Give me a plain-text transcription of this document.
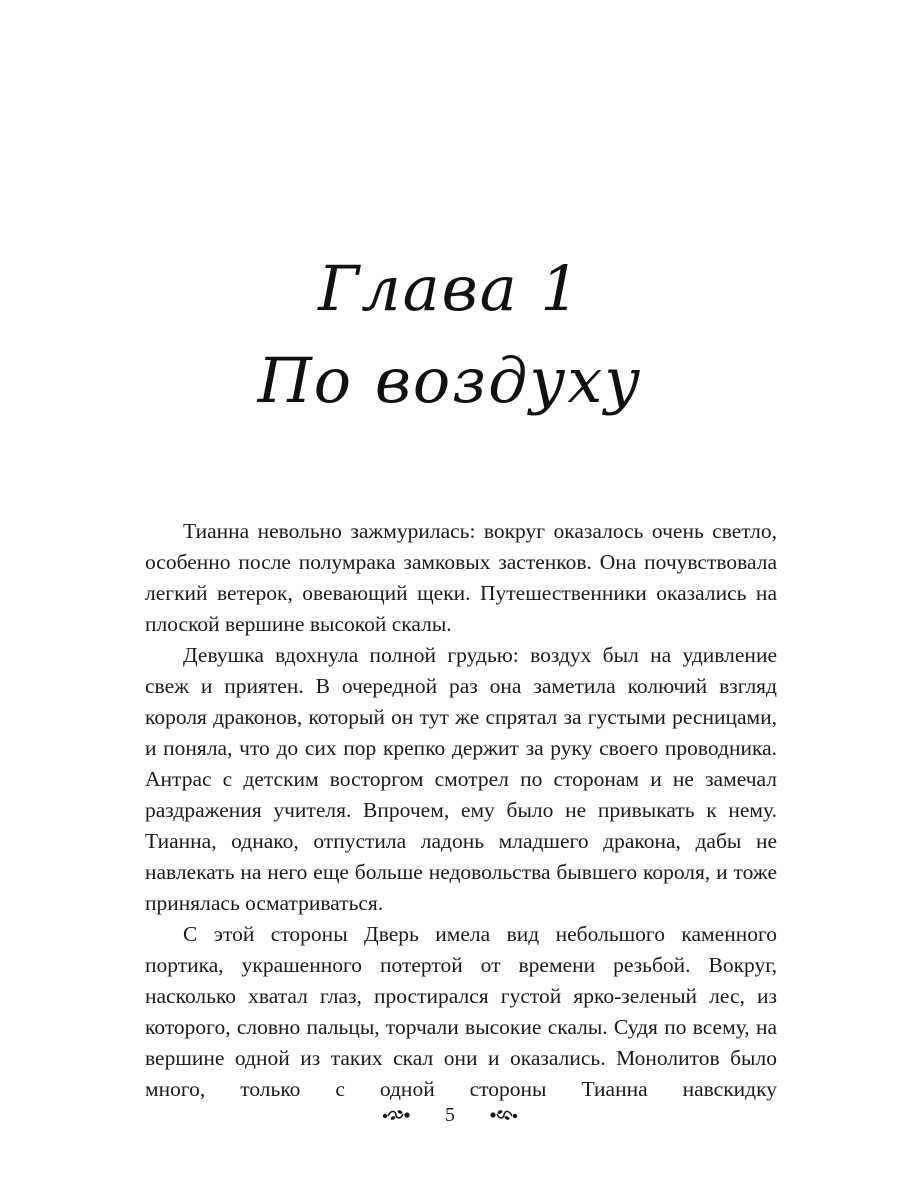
Глава 1
По воздуху

Тианна невольно зажмурилась: вокруг оказалось очень светло, особенно после полумрака замковых застенков. Она почувствовала легкий ветерок, овевающий щеки. Путешественники оказались на плоской вершине высокой скалы.

Девушка вдохнула полной грудью: воздух был на удивление свеж и приятен. В очередной раз она заметила колючий взгляд короля драконов, который он тут же спрятал за густыми ресницами, и поняла, что до сих пор крепко держит за руку своего проводника. Антрас с детским восторгом смотрел по сторонам и не замечал раздражения учителя. Впрочем, ему было не привыкать к нему. Тианна, однако, отпустила ладонь младшего дракона, дабы не навлекать на него еще больше недовольства бывшего короля, и тоже принялась осматриваться.

С этой стороны Дверь имела вид небольшого каменного портика, украшенного потертой от времени резьбой. Вокруг, насколько хватал глаз, простирался густой ярко-зеленый лес, из которого, словно пальцы, торчали высокие скалы. Судя по всему, на вершине одной из таких скал они и оказались. Монолитов было много, только с одной стороны Тианна навскидку

5
